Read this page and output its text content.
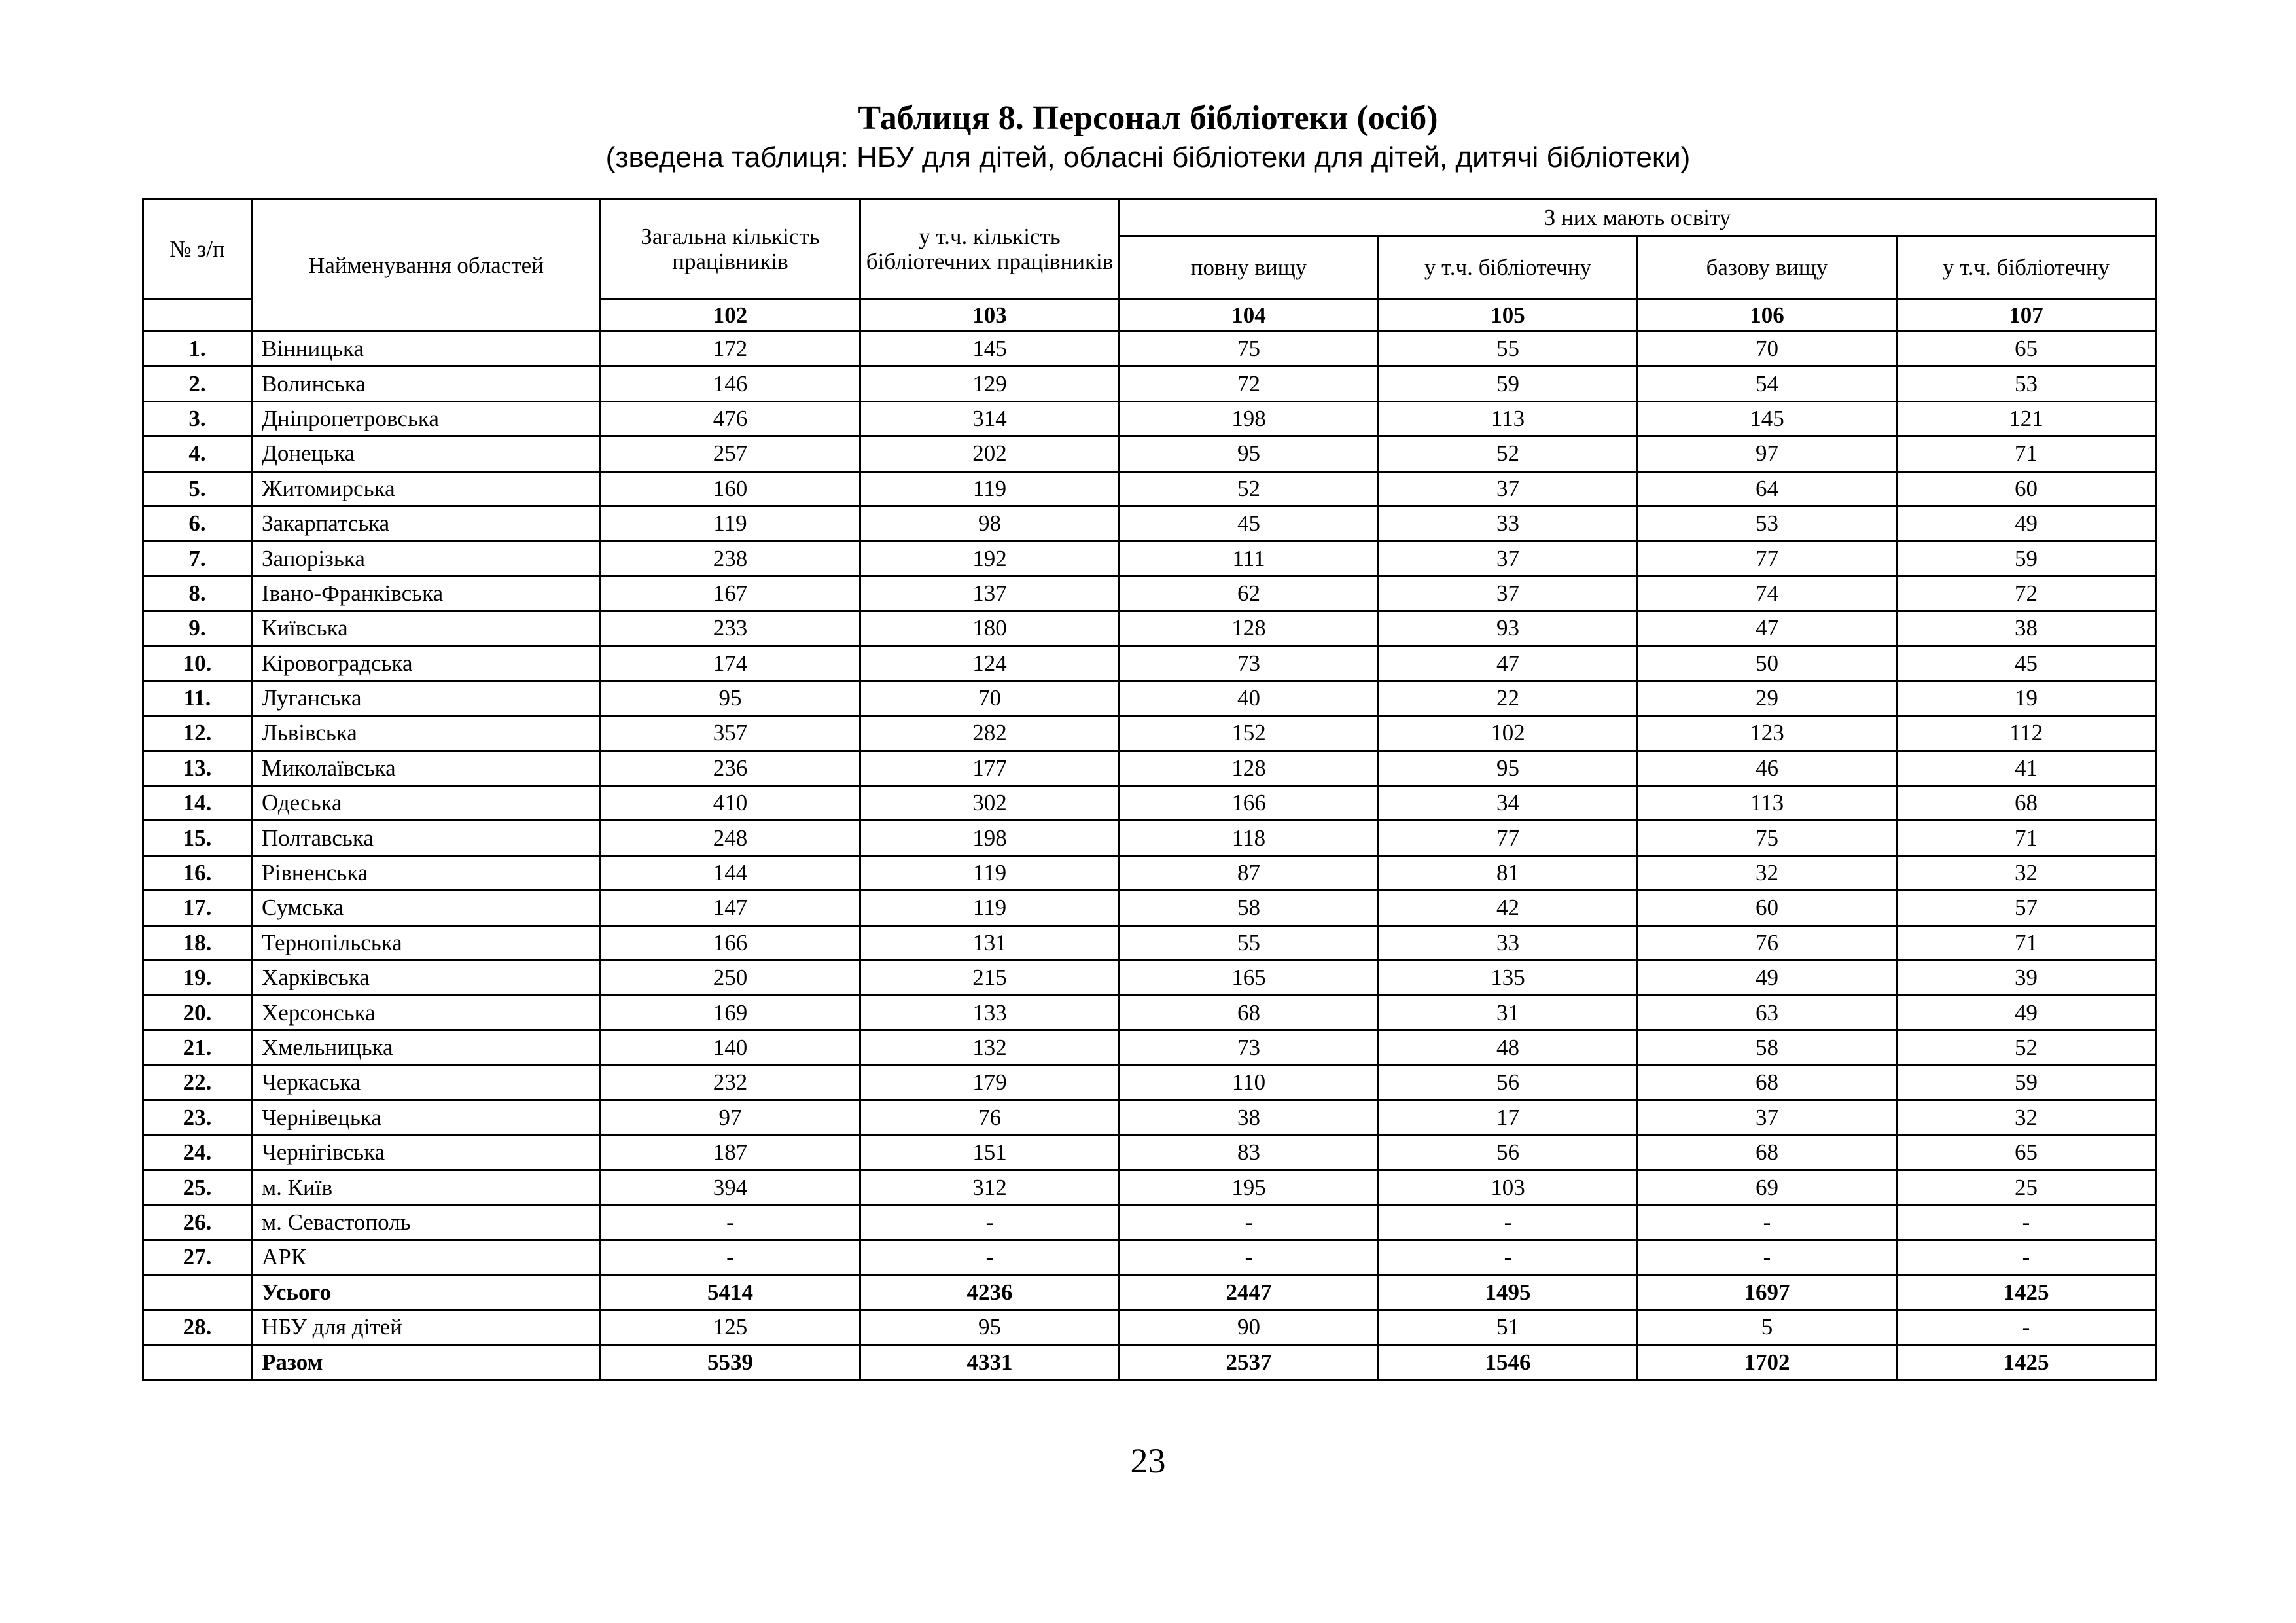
Таблиця 8. Персонал бібліотеки (осіб)
(зведена таблиця: НБУ для дітей, обласні бібліотеки для дітей, дитячі бібліотеки)
№ з/п	Найменування областей	Загальна кількість працівників	у т.ч. кількість бібліотечних працівників	З них мають освіту			
				повну вищу	у т.ч. бібліотечну	базову вищу	у т.ч. бібліотечну
		102	103	104	105	106	107
1.	Вінницька	172	145	75	55	70	65
2.	Волинська	146	129	72	59	54	53
3.	Дніпропетровська	476	314	198	113	145	121
4.	Донецька	257	202	95	52	97	71
5.	Житомирська	160	119	52	37	64	60
6.	Закарпатська	119	98	45	33	53	49
7.	Запорізька	238	192	111	37	77	59
8.	Івано-Франківська	167	137	62	37	74	72
9.	Київська	233	180	128	93	47	38
10.	Кіровоградська	174	124	73	47	50	45
11.	Луганська	95	70	40	22	29	19
12.	Львівська	357	282	152	102	123	112
13.	Миколаївська	236	177	128	95	46	41
14.	Одеська	410	302	166	34	113	68
15.	Полтавська	248	198	118	77	75	71
16.	Рівненська	144	119	87	81	32	32
17.	Сумська	147	119	58	42	60	57
18.	Тернопільська	166	131	55	33	76	71
19.	Харківська	250	215	165	135	49	39
20.	Херсонська	169	133	68	31	63	49
21.	Хмельницька	140	132	73	48	58	52
22.	Черкаська	232	179	110	56	68	59
23.	Чернівецька	97	76	38	17	37	32
24.	Чернігівська	187	151	83	56	68	65
25.	м. Київ	394	312	195	103	69	25
26.	м. Севастополь	-	-	-	-	-	-
27.	АРК	-	-	-	-	-	-
	Усього	5414	4236	2447	1495	1697	1425
28.	НБУ для дітей	125	95	90	51	5	-
	Разом	5539	4331	2537	1546	1702	1425
23
